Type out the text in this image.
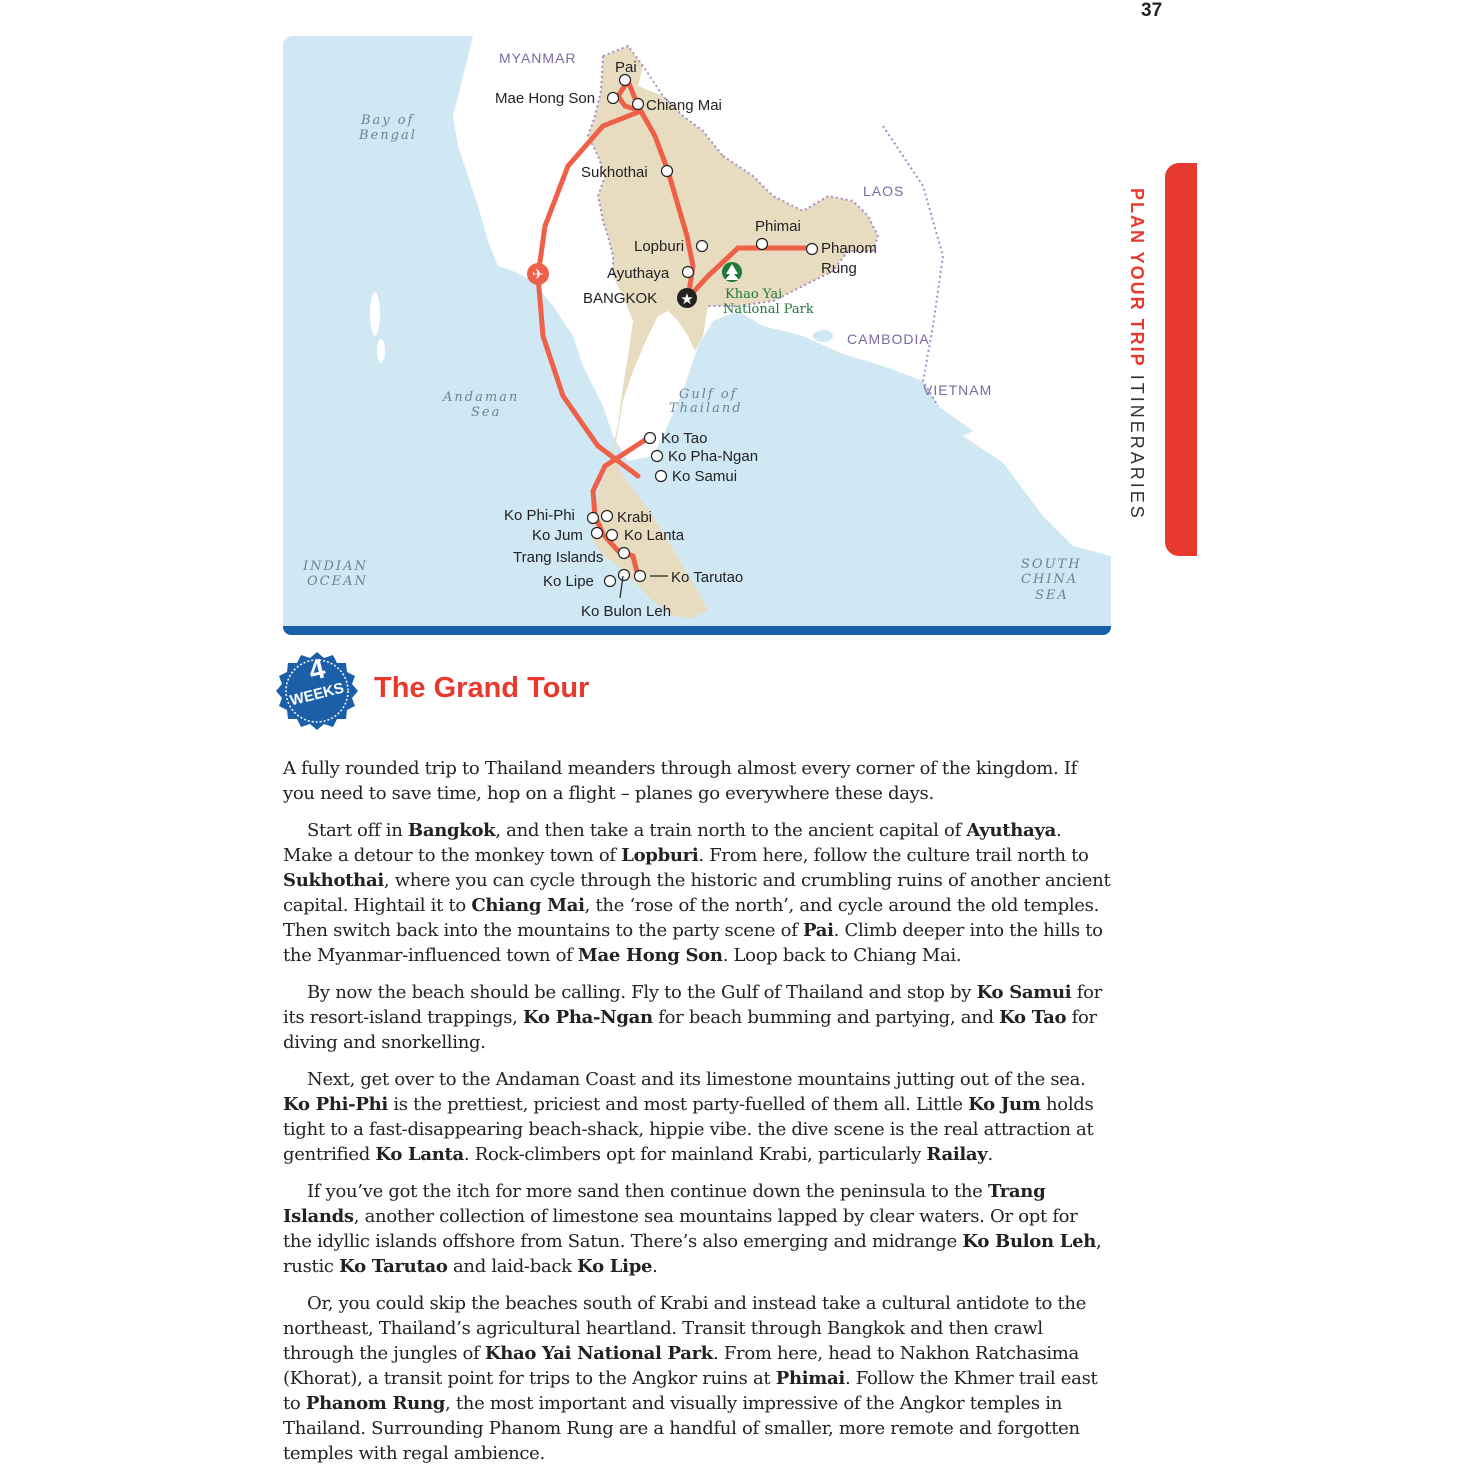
37
PLAN YOUR TRIP ITINERARIES
✈
★
MYANMAR
LAOS
CAMBODIA
VIETNAM
Bay of
Bengal
Andaman
Sea
Gulf of
Thailand
INDIAN
OCEAN
SOUTH
CHINA
SEA
Pai
Mae Hong Son	Chiang Mai
Sukhothai
Lopburi
Ayuthaya
Phimai
Phanom
Rung
BANGKOK	Khao Yai
National Park
Ko Tao
Ko Pha-Ngan
Ko Samui
Ko Phi-Phi	Krabi
Ko Jum	Ko Lanta
Trang Islands
Ko Lipe	Ko Tarutao
Ko Bulon Leh
4
WEEKS The Grand Tour

A fully rounded trip to Thailand meanders through almost every corner of the kingdom. If you need to save time, hop on a flight – planes go everywhere these days.

Start off in Bangkok, and then take a train north to the ancient capital of Ayuthaya. Make a detour to the monkey town of Lopburi. From here, follow the culture trail north to Sukhothai, where you can cycle through the historic and crumbling ruins of another ancient capital. Hightail it to Chiang Mai, the ‘rose of the north’, and cycle around the old temples. Then switch back into the mountains to the party scene of Pai. Climb deeper into the hills to the Myanmar-influenced town of Mae Hong Son. Loop back to Chiang Mai.

By now the beach should be calling. Fly to the Gulf of Thailand and stop by Ko Samui for its resort-island trappings, Ko Pha-Ngan for beach bumming and partying, and Ko Tao for diving and snorkelling.

Next, get over to the Andaman Coast and its limestone mountains jutting out of the sea. Ko Phi-Phi is the prettiest, priciest and most party-fuelled of them all. Little Ko Jum holds tight to a fast-disappearing beach-shack, hippie vibe. the dive scene is the real attraction at gentrified Ko Lanta. Rock-climbers opt for mainland Krabi, particularly Railay.

If you’ve got the itch for more sand then continue down the peninsula to the Trang Islands, another collection of limestone sea mountains lapped by clear waters. Or opt for the idyllic islands offshore from Satun. There’s also emerging and midrange Ko Bulon Leh, rustic Ko Tarutao and laid-back Ko Lipe.

Or, you could skip the beaches south of Krabi and instead take a cultural antidote to the northeast, Thailand’s agricultural heartland. Transit through Bangkok and then crawl through the jungles of Khao Yai National Park. From here, head to Nakhon Ratchasima (Khorat), a transit point for trips to the Angkor ruins at Phimai. Follow the Khmer trail east to Phanom Rung, the most important and visually impressive of the Angkor temples in Thailand. Surrounding Phanom Rung are a handful of smaller, more remote and forgotten temples with regal ambience.
